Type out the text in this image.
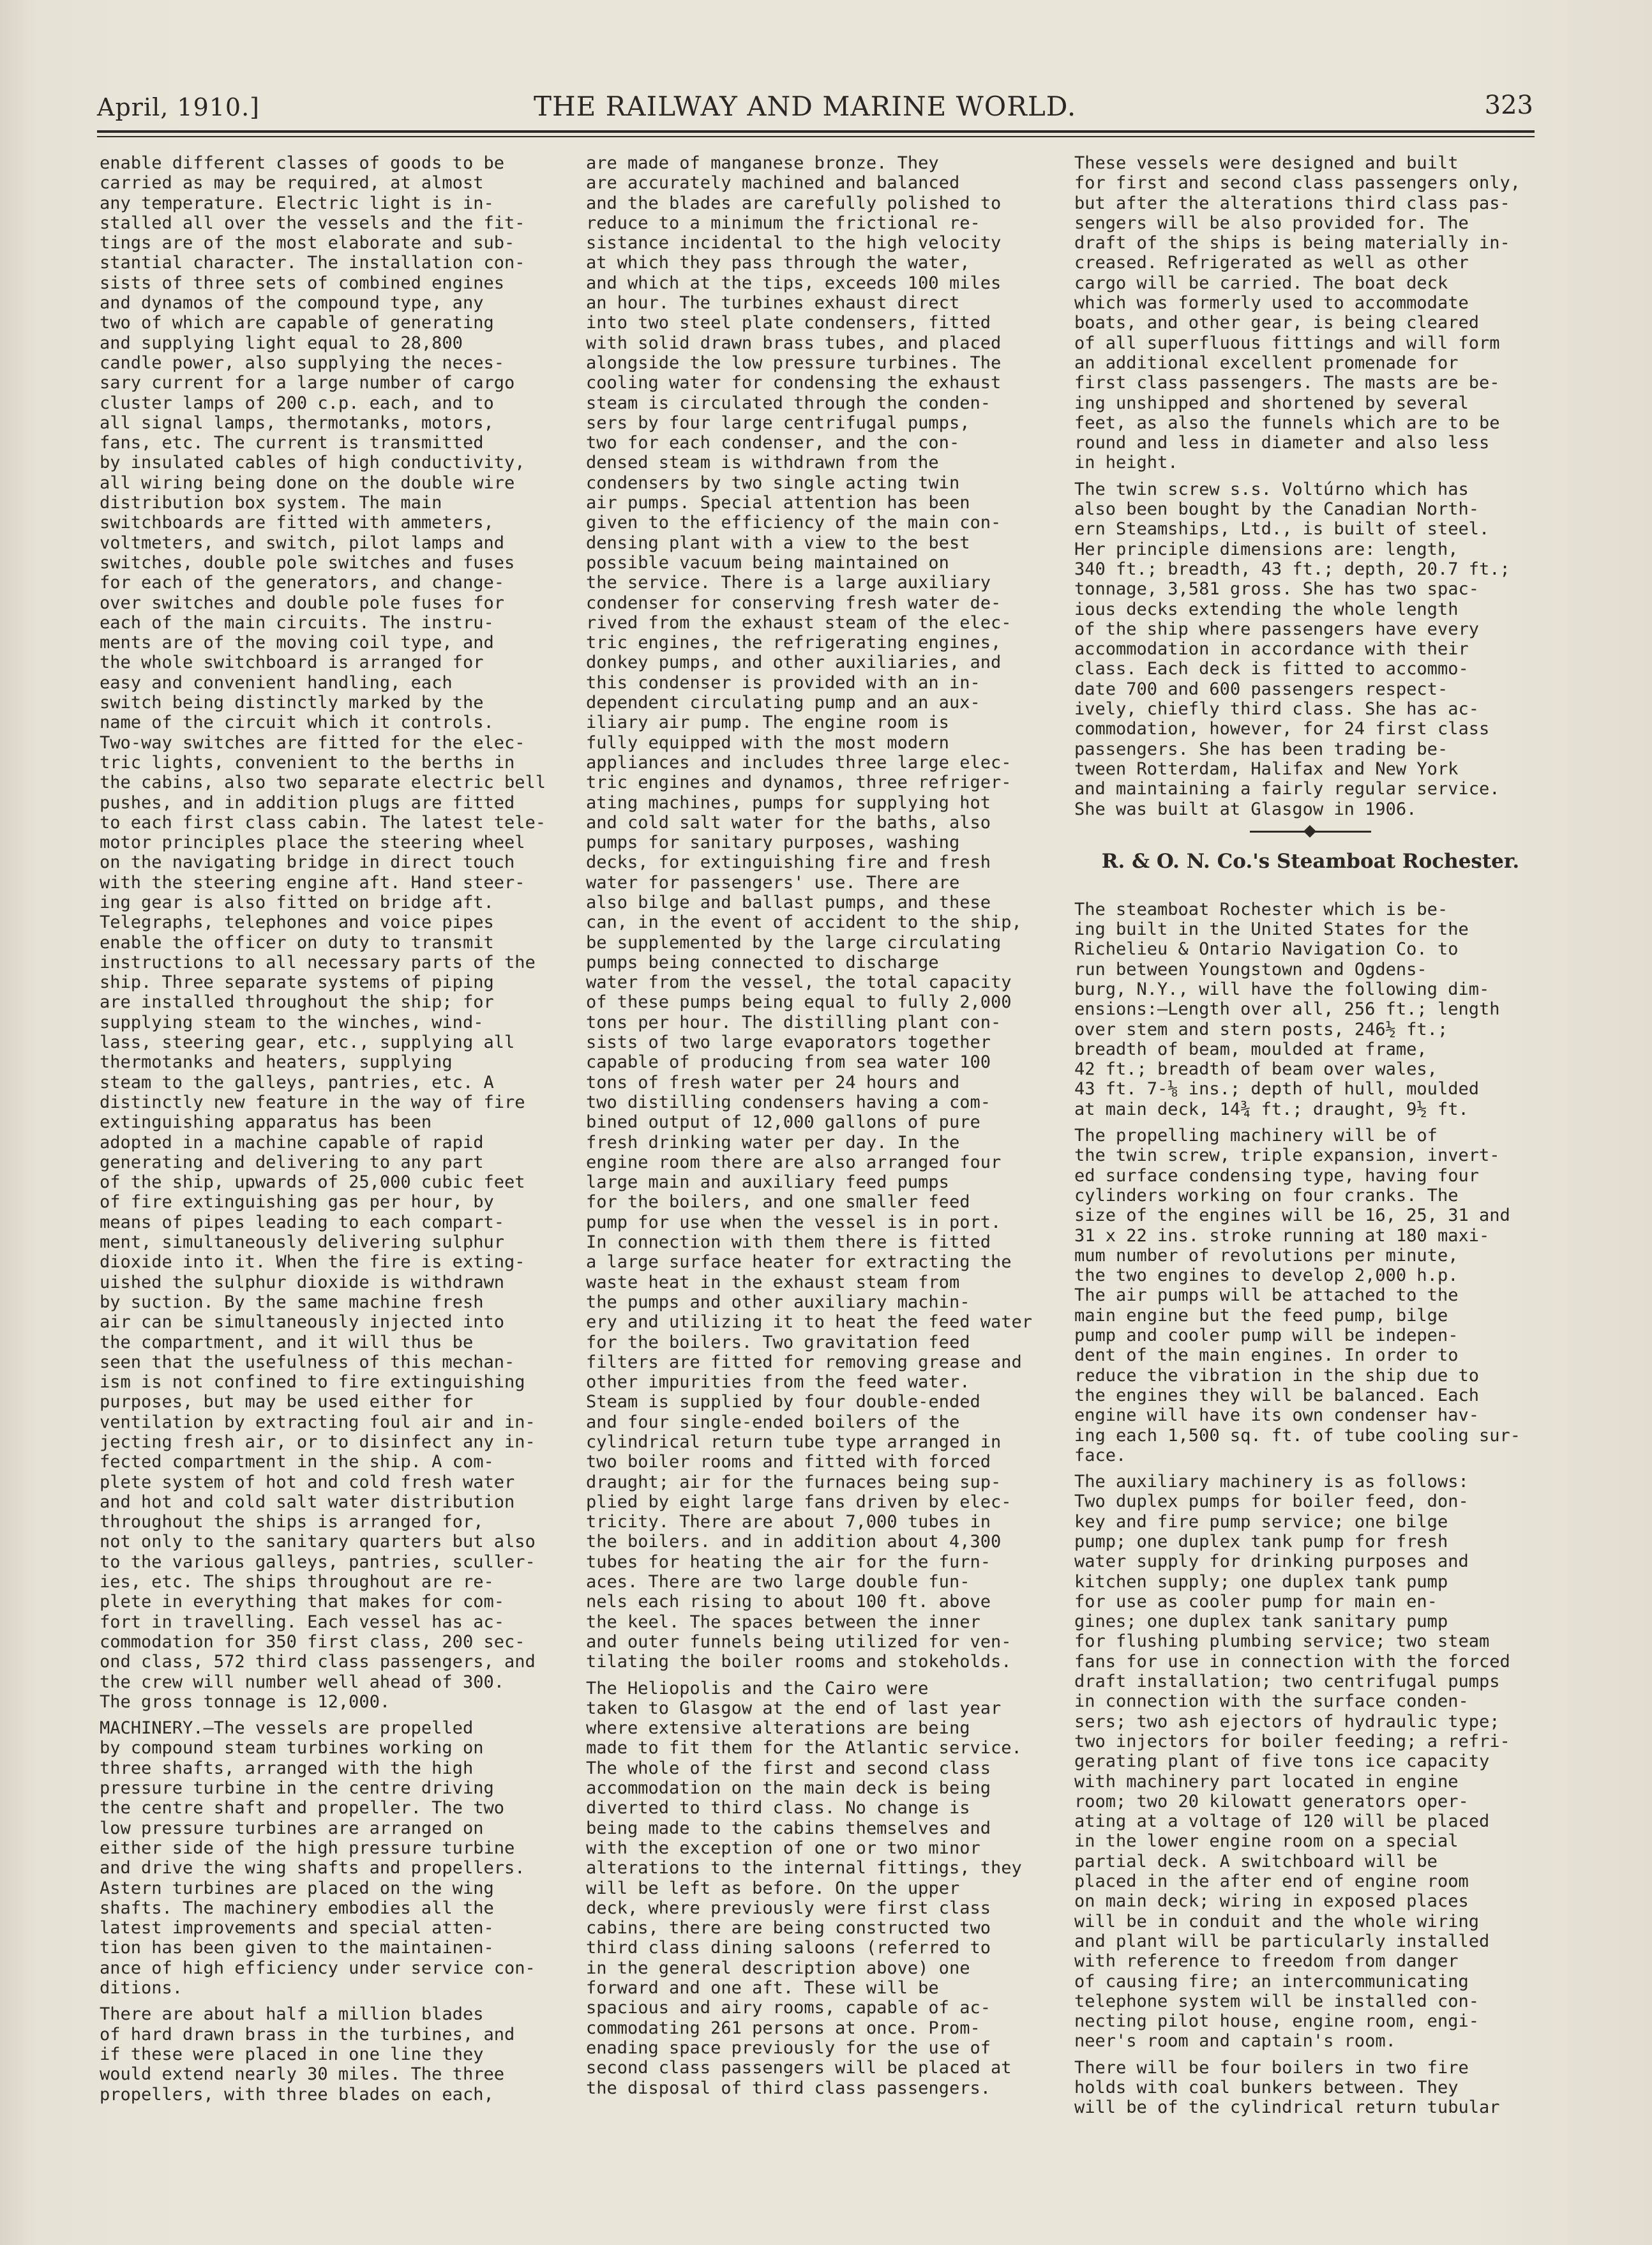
April, 1910.]	THE RAILWAY AND MARINE WORLD.	323

enable different classes of goods to be

carried as may be required, at almost

any temperature. Electric light is in-

stalled all over the vessels and the fit-

tings are of the most elaborate and sub-

stantial character. The installation con-

sists of three sets of combined engines

and dynamos of the compound type, any

two of which are capable of generating

and supplying light equal to 28,800

candle power, also supplying the neces-

sary current for a large number of cargo

cluster lamps of 200 c.p. each, and to

all signal lamps, thermotanks, motors,

fans, etc. The current is transmitted

by insulated cables of high conductivity,

all wiring being done on the double wire

distribution box system. The main

switchboards are fitted with ammeters,

voltmeters, and switch, pilot lamps and

switches, double pole switches and fuses

for each of the generators, and change-

over switches and double pole fuses for

each of the main circuits. The instru-

ments are of the moving coil type, and

the whole switchboard is arranged for

easy and convenient handling, each

switch being distinctly marked by the

name of the circuit which it controls.

Two-way switches are fitted for the elec-

tric lights, convenient to the berths in

the cabins, also two separate electric bell

pushes, and in addition plugs are fitted

to each first class cabin. The latest tele-

motor principles place the steering wheel

on the navigating bridge in direct touch

with the steering engine aft. Hand steer-

ing gear is also fitted on bridge aft.

Telegraphs, telephones and voice pipes

enable the officer on duty to transmit

instructions to all necessary parts of the

ship. Three separate systems of piping

are installed throughout the ship; for

supplying steam to the winches, wind-

lass, steering gear, etc., supplying all

thermotanks and heaters, supplying

steam to the galleys, pantries, etc. A

distinctly new feature in the way of fire

extinguishing apparatus has been

adopted in a machine capable of rapid

generating and delivering to any part

of the ship, upwards of 25,000 cubic feet

of fire extinguishing gas per hour, by

means of pipes leading to each compart-

ment, simultaneously delivering sulphur

dioxide into it. When the fire is exting-

uished the sulphur dioxide is withdrawn

by suction. By the same machine fresh

air can be simultaneously injected into

the compartment, and it will thus be

seen that the usefulness of this mechan-

ism is not confined to fire extinguishing

purposes, but may be used either for

ventilation by extracting foul air and in-

jecting fresh air, or to disinfect any in-

fected compartment in the ship. A com-

plete system of hot and cold fresh water

and hot and cold salt water distribution

throughout the ships is arranged for,

not only to the sanitary quarters but also

to the various galleys, pantries, sculler-

ies, etc. The ships throughout are re-

plete in everything that makes for com-

fort in travelling. Each vessel has ac-

commodation for 350 first class, 200 sec-

ond class, 572 third class passengers, and

the crew will number well ahead of 300.

The gross tonnage is 12,000.

MACHINERY.—The vessels are propelled

by compound steam turbines working on

three shafts, arranged with the high

pressure turbine in the centre driving

the centre shaft and propeller. The two

low pressure turbines are arranged on

either side of the high pressure turbine

and drive the wing shafts and propellers.

Astern turbines are placed on the wing

shafts. The machinery embodies all the

latest improvements and special atten-

tion has been given to the maintainen-

ance of high efficiency under service con-

ditions.

There are about half a million blades

of hard drawn brass in the turbines, and

if these were placed in one line they

would extend nearly 30 miles. The three

propellers, with three blades on each,

are made of manganese bronze. They

are accurately machined and balanced

and the blades are carefully polished to

reduce to a minimum the frictional re-

sistance incidental to the high velocity

at which they pass through the water,

and which at the tips, exceeds 100 miles

an hour. The turbines exhaust direct

into two steel plate condensers, fitted

with solid drawn brass tubes, and placed

alongside the low pressure turbines. The

cooling water for condensing the exhaust

steam is circulated through the conden-

sers by four large centrifugal pumps,

two for each condenser, and the con-

densed steam is withdrawn from the

condensers by two single acting twin

air pumps. Special attention has been

given to the efficiency of the main con-

densing plant with a view to the best

possible vacuum being maintained on

the service. There is a large auxiliary

condenser for conserving fresh water de-

rived from the exhaust steam of the elec-

tric engines, the refrigerating engines,

donkey pumps, and other auxiliaries, and

this condenser is provided with an in-

dependent circulating pump and an aux-

iliary air pump. The engine room is

fully equipped with the most modern

appliances and includes three large elec-

tric engines and dynamos, three refriger-

ating machines, pumps for supplying hot

and cold salt water for the baths, also

pumps for sanitary purposes, washing

decks, for extinguishing fire and fresh

water for passengers' use. There are

also bilge and ballast pumps, and these

can, in the event of accident to the ship,

be supplemented by the large circulating

pumps being connected to discharge

water from the vessel, the total capacity

of these pumps being equal to fully 2,000

tons per hour. The distilling plant con-

sists of two large evaporators together

capable of producing from sea water 100

tons of fresh water per 24 hours and

two distilling condensers having a com-

bined output of 12,000 gallons of pure

fresh drinking water per day. In the

engine room there are also arranged four

large main and auxiliary feed pumps

for the boilers, and one smaller feed

pump for use when the vessel is in port.

In connection with them there is fitted

a large surface heater for extracting the

waste heat in the exhaust steam from

the pumps and other auxiliary machin-

ery and utilizing it to heat the feed water

for the boilers. Two gravitation feed

filters are fitted for removing grease and

other impurities from the feed water.

Steam is supplied by four double-ended

and four single-ended boilers of the

cylindrical return tube type arranged in

two boiler rooms and fitted with forced

draught; air for the furnaces being sup-

plied by eight large fans driven by elec-

tricity. There are about 7,000 tubes in

the boilers. and in addition about 4,300

tubes for heating the air for the furn-

aces. There are two large double fun-

nels each rising to about 100 ft. above

the keel. The spaces between the inner

and outer funnels being utilized for ven-

tilating the boiler rooms and stokeholds.

The Heliopolis and the Cairo were

taken to Glasgow at the end of last year

where extensive alterations are being

made to fit them for the Atlantic service.

The whole of the first and second class

accommodation on the main deck is being

diverted to third class. No change is

being made to the cabins themselves and

with the exception of one or two minor

alterations to the internal fittings, they

will be left as before. On the upper

deck, where previously were first class

cabins, there are being constructed two

third class dining saloons (referred to

in the general description above) one

forward and one aft. These will be

spacious and airy rooms, capable of ac-

commodating 261 persons at once. Prom-

enading space previously for the use of

second class passengers will be placed at

the disposal of third class passengers.

These vessels were designed and built

for first and second class passengers only,

but after the alterations third class pas-

sengers will be also provided for. The

draft of the ships is being materially in-

creased. Refrigerated as well as other

cargo will be carried. The boat deck

which was formerly used to accommodate

boats, and other gear, is being cleared

of all superfluous fittings and will form

an additional excellent promenade for

first class passengers. The masts are be-

ing unshipped and shortened by several

feet, as also the funnels which are to be

round and less in diameter and also less

in height.

The twin screw s.s. Voltúrno which has

also been bought by the Canadian North-

ern Steamships, Ltd., is built of steel.

Her principle dimensions are: length,

340 ft.; breadth, 43 ft.; depth, 20.7 ft.;

tonnage, 3,581 gross. She has two spac-

ious decks extending the whole length

of the ship where passengers have every

accommodation in accordance with their

class. Each deck is fitted to accommo-

date 700 and 600 passengers respect-

ively, chiefly third class. She has ac-

commodation, however, for 24 first class

passengers. She has been trading be-

tween Rotterdam, Halifax and New York

and maintaining a fairly regular service.

She was built at Glasgow in 1906.

R. & O. N. Co.'s Steamboat Rochester.

The steamboat Rochester which is be-

ing built in the United States for the

Richelieu & Ontario Navigation Co. to

run between Youngstown and Ogdens-

burg, N.Y., will have the following dim-

ensions:—Length over all, 256 ft.; length

over stem and stern posts, 246½ ft.;

breadth of beam, moulded at frame,

42 ft.; breadth of beam over wales,

43 ft. 7-⅛ ins.; depth of hull, moulded

at main deck, 14¾ ft.; draught, 9½ ft.

The propelling machinery will be of

the twin screw, triple expansion, invert-

ed surface condensing type, having four

cylinders working on four cranks. The

size of the engines will be 16, 25, 31 and

31 x 22 ins. stroke running at 180 maxi-

mum number of revolutions per minute,

the two engines to develop 2,000 h.p.

The air pumps will be attached to the

main engine but the feed pump, bilge

pump and cooler pump will be indepen-

dent of the main engines. In order to

reduce the vibration in the ship due to

the engines they will be balanced. Each

engine will have its own condenser hav-

ing each 1,500 sq. ft. of tube cooling sur-

face.

The auxiliary machinery is as follows:

Two duplex pumps for boiler feed, don-

key and fire pump service; one bilge

pump; one duplex tank pump for fresh

water supply for drinking purposes and

kitchen supply; one duplex tank pump

for use as cooler pump for main en-

gines; one duplex tank sanitary pump

for flushing plumbing service; two steam

fans for use in connection with the forced

draft installation; two centrifugal pumps

in connection with the surface conden-

sers; two ash ejectors of hydraulic type;

two injectors for boiler feeding; a refri-

gerating plant of five tons ice capacity

with machinery part located in engine

room; two 20 kilowatt generators oper-

ating at a voltage of 120 will be placed

in the lower engine room on a special

partial deck. A switchboard will be

placed in the after end of engine room

on main deck; wiring in exposed places

will be in conduit and the whole wiring

and plant will be particularly installed

with reference to freedom from danger

of causing fire; an intercommunicating

telephone system will be installed con-

necting pilot house, engine room, engi-

neer's room and captain's room.

There will be four boilers in two fire

holds with coal bunkers between. They

will be of the cylindrical return tubular
